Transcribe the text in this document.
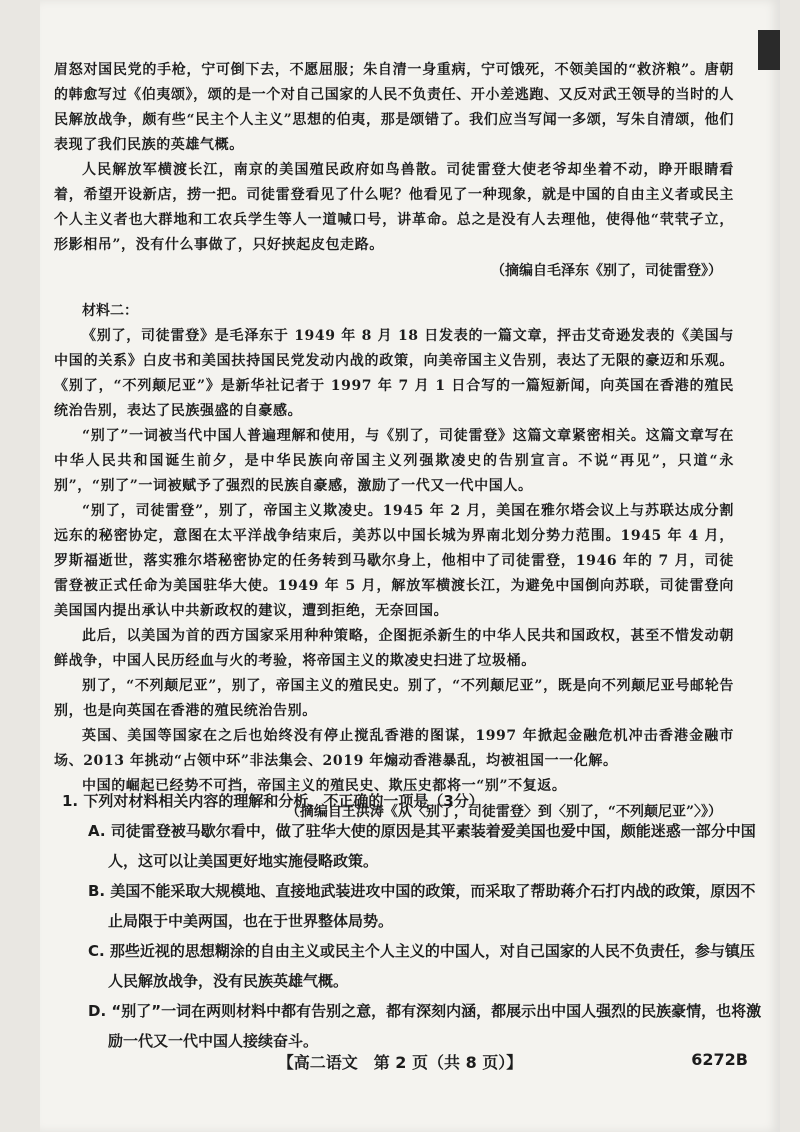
眉怒对国民党的手枪，宁可倒下去，不愿屈服；朱自清一身重病，宁可饿死，不领美国的“救济粮”。唐朝的韩愈写过《伯夷颂》，颂的是一个对自己国家的人民不负责任、开小差逃跑、又反对武王领导的当时的人民解放战争，颇有些“民主个人主义”思想的伯夷，那是颂错了。我们应当写闻一多颂，写朱自清颂，他们表现了我们民族的英雄气概。

人民解放军横渡长江，南京的美国殖民政府如鸟兽散。司徒雷登大使老爷却坐着不动，睁开眼睛看着，希望开设新店，捞一把。司徒雷登看见了什么呢？他看见了一种现象，就是中国的自由主义者或民主个人主义者也大群地和工农兵学生等人一道喊口号，讲革命。总之是没有人去理他，使得他“茕茕孑立，形影相吊”，没有什么事做了，只好挟起皮包走路。

（摘编自毛泽东《别了，司徒雷登》）

材料二：

《别了，司徒雷登》是毛泽东于 1949 年 8 月 18 日发表的一篇文章，抨击艾奇逊发表的《美国与中国的关系》白皮书和美国扶持国民党发动内战的政策，向美帝国主义告别，表达了无限的豪迈和乐观。《别了，“不列颠尼亚”》是新华社记者于 1997 年 7 月 1 日合写的一篇短新闻，向英国在香港的殖民统治告别，表达了民族强盛的自豪感。

“别了”一词被当代中国人普遍理解和使用，与《别了，司徒雷登》这篇文章紧密相关。这篇文章写在中华人民共和国诞生前夕，是中华民族向帝国主义列强欺凌史的告别宣言。不说“再见”，只道“永别”，“别了”一词被赋予了强烈的民族自豪感，激励了一代又一代中国人。

“别了，司徒雷登”，别了，帝国主义欺凌史。1945 年 2 月，美国在雅尔塔会议上与苏联达成分割远东的秘密协定，意图在太平洋战争结束后，美苏以中国长城为界南北划分势力范围。1945 年 4 月，罗斯福逝世，落实雅尔塔秘密协定的任务转到马歇尔身上，他相中了司徒雷登，1946 年的 7 月，司徒雷登被正式任命为美国驻华大使。1949 年 5 月，解放军横渡长江，为避免中国倒向苏联，司徒雷登向美国国内提出承认中共新政权的建议，遭到拒绝，无奈回国。

此后，以美国为首的西方国家采用种种策略，企图扼杀新生的中华人民共和国政权，甚至不惜发动朝鲜战争，中国人民历经血与火的考验，将帝国主义的欺凌史扫进了垃圾桶。

别了，“不列颠尼亚”，别了，帝国主义的殖民史。别了，“不列颠尼亚”，既是向不列颠尼亚号邮轮告别，也是向英国在香港的殖民统治告别。

英国、美国等国家在之后也始终没有停止搅乱香港的图谋，1997 年掀起金融危机冲击香港金融市场、2013 年挑动“占领中环”非法集会、2019 年煽动香港暴乱，均被祖国一一化解。

中国的崛起已经势不可挡，帝国主义的殖民史、欺压史都将一“别”不复返。

（摘编自王洪涛《从〈别了，司徒雷登〉到〈别了，“不列颠尼亚”〉》）

1. 下列对材料相关内容的理解和分析，不正确的一项是（3分）

A. 司徒雷登被马歇尔看中，做了驻华大使的原因是其平素装着爱美国也爱中国，颇能迷惑一部分中国人，这可以让美国更好地实施侵略政策。

B. 美国不能采取大规模地、直接地武装进攻中国的政策，而采取了帮助蒋介石打内战的政策，原因不止局限于中美两国，也在于世界整体局势。

C. 那些近视的思想糊涂的自由主义或民主个人主义的中国人，对自己国家的人民不负责任，参与镇压人民解放战争，没有民族英雄气概。

D. “别了”一词在两则材料中都有告别之意，都有深刻内涵，都展示出中国人强烈的民族豪情，也将激励一代又一代中国人接续奋斗。

【高二语文　第 2 页（共 8 页）】	6272B
